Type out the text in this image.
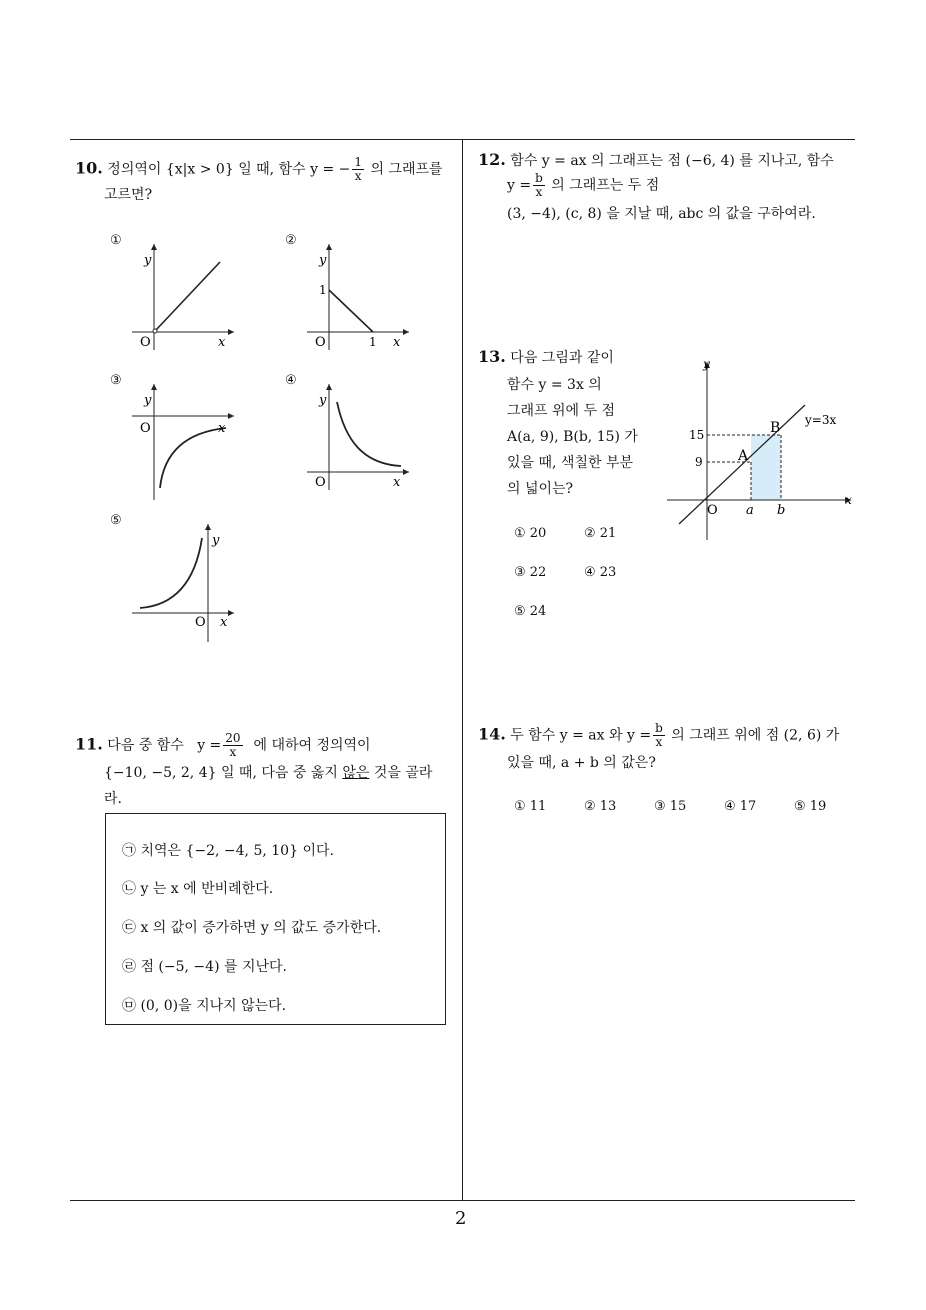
2
10. 정의역이 {x|x > 0} 일 때, 함수 y = − $\frac{1}{x}$ 의 그래프를
고르면?
①
y
x
O
②
y
x
O
1
1
③
y
x
O
④
y
x
O
⑤
y
x
O
11. 다음 중 함수 $y = \frac{20}{x}$ 에 대하여 정의역이
{−10, −5, 2, 4} 일 때, 다음 중 옳지 않은 것을 골라
라.
㉠ 치역은 {−2, −4, 5, 10} 이다.
㉡ y 는 x 에 반비례한다.
㉢ x 의 값이 증가하면 y 의 값도 증가한다.
㉣ 점 (−5, −4) 를 지난다.
㉤ (0, 0)을 지나지 않는다.
12. 함수 y = ax 의 그래프는 점 (−6, 4) 를 지나고, 함수
$y = \frac{b}{x}$ 의 그래프는 두 점
(3, −4), (c, 8) 을 지날 때, abc 의 값을 구하여라.
13. 다음 그림과 같이
함수 y = 3x 의
그래프 위에 두 점
A(a, 9), B(b, 15) 가
있을 때, 색칠한 부분
의 넓이는?
y
x
O
15
9
a b
A
B y=3x
① 20	② 21
③ 22	④ 23
⑤ 24
14. 두 함수 y = ax 와 $y = \frac{b}{x}$ 의 그래프 위에 점 (2, 6) 가
있을 때, a + b 의 값은?
① 11	② 13	③ 15	④ 17	⑤ 19
